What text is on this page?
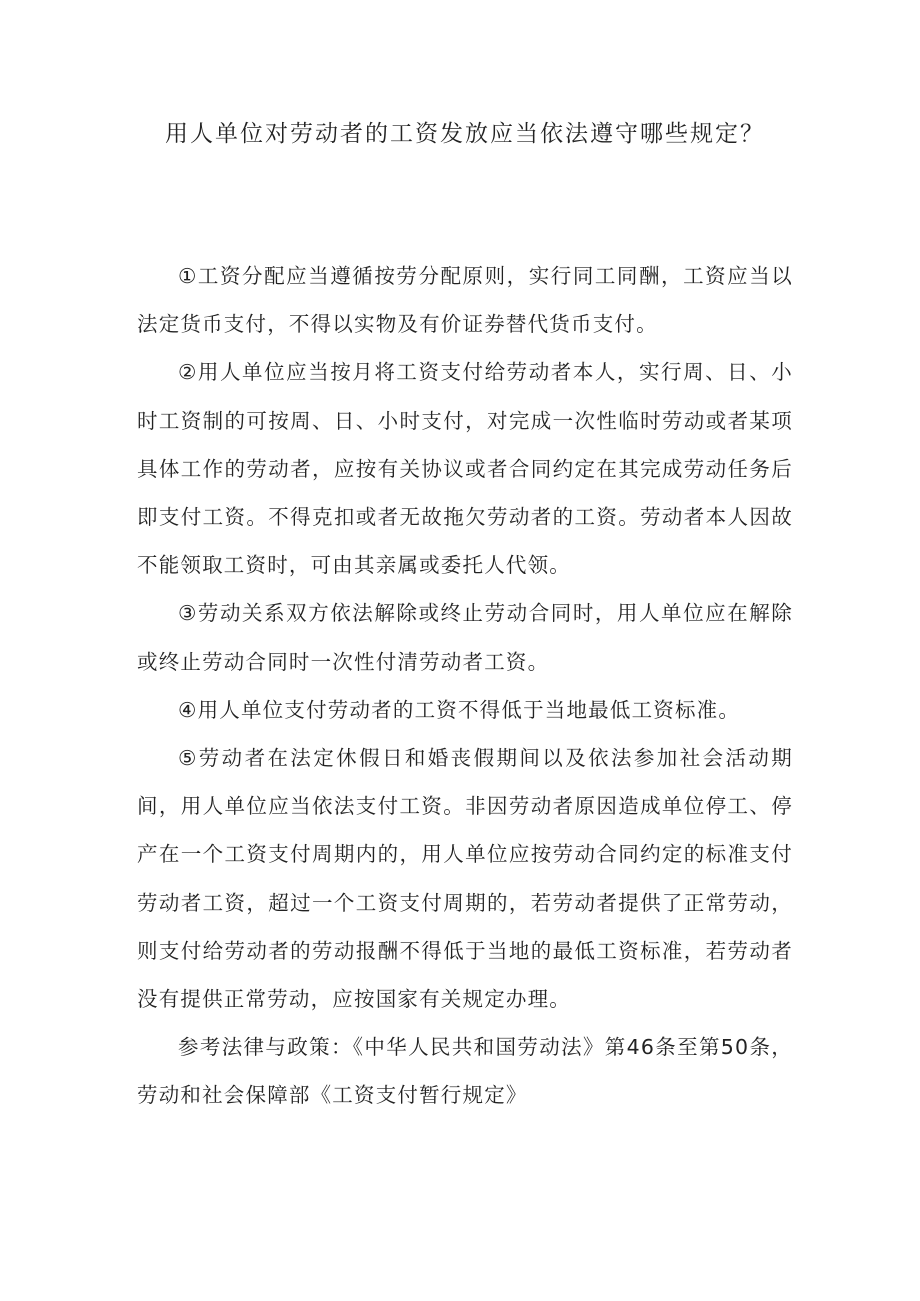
用人单位对劳动者的工资发放应当依法遵守哪些规定？

①工资分配应当遵循按劳分配原则，实行同工同酬，工资应当以法定货币支付，不得以实物及有价证券替代货币支付。

②用人单位应当按月将工资支付给劳动者本人，实行周、日、小时工资制的可按周、日、小时支付，对完成一次性临时劳动或者某项具体工作的劳动者，应按有关协议或者合同约定在其完成劳动任务后即支付工资。不得克扣或者无故拖欠劳动者的工资。劳动者本人因故不能领取工资时，可由其亲属或委托人代领。

③劳动关系双方依法解除或终止劳动合同时，用人单位应在解除或终止劳动合同时一次性付清劳动者工资。

④用人单位支付劳动者的工资不得低于当地最低工资标准。

⑤劳动者在法定休假日和婚丧假期间以及依法参加社会活动期间，用人单位应当依法支付工资。非因劳动者原因造成单位停工、停产在一个工资支付周期内的，用人单位应按劳动合同约定的标准支付劳动者工资，超过一个工资支付周期的，若劳动者提供了正常劳动，则支付给劳动者的劳动报酬不得低于当地的最低工资标准，若劳动者没有提供正常劳动，应按国家有关规定办理。

参考法律与政策：《中华人民共和国劳动法》第46条至第50条，劳动和社会保障部《工资支付暂行规定》
